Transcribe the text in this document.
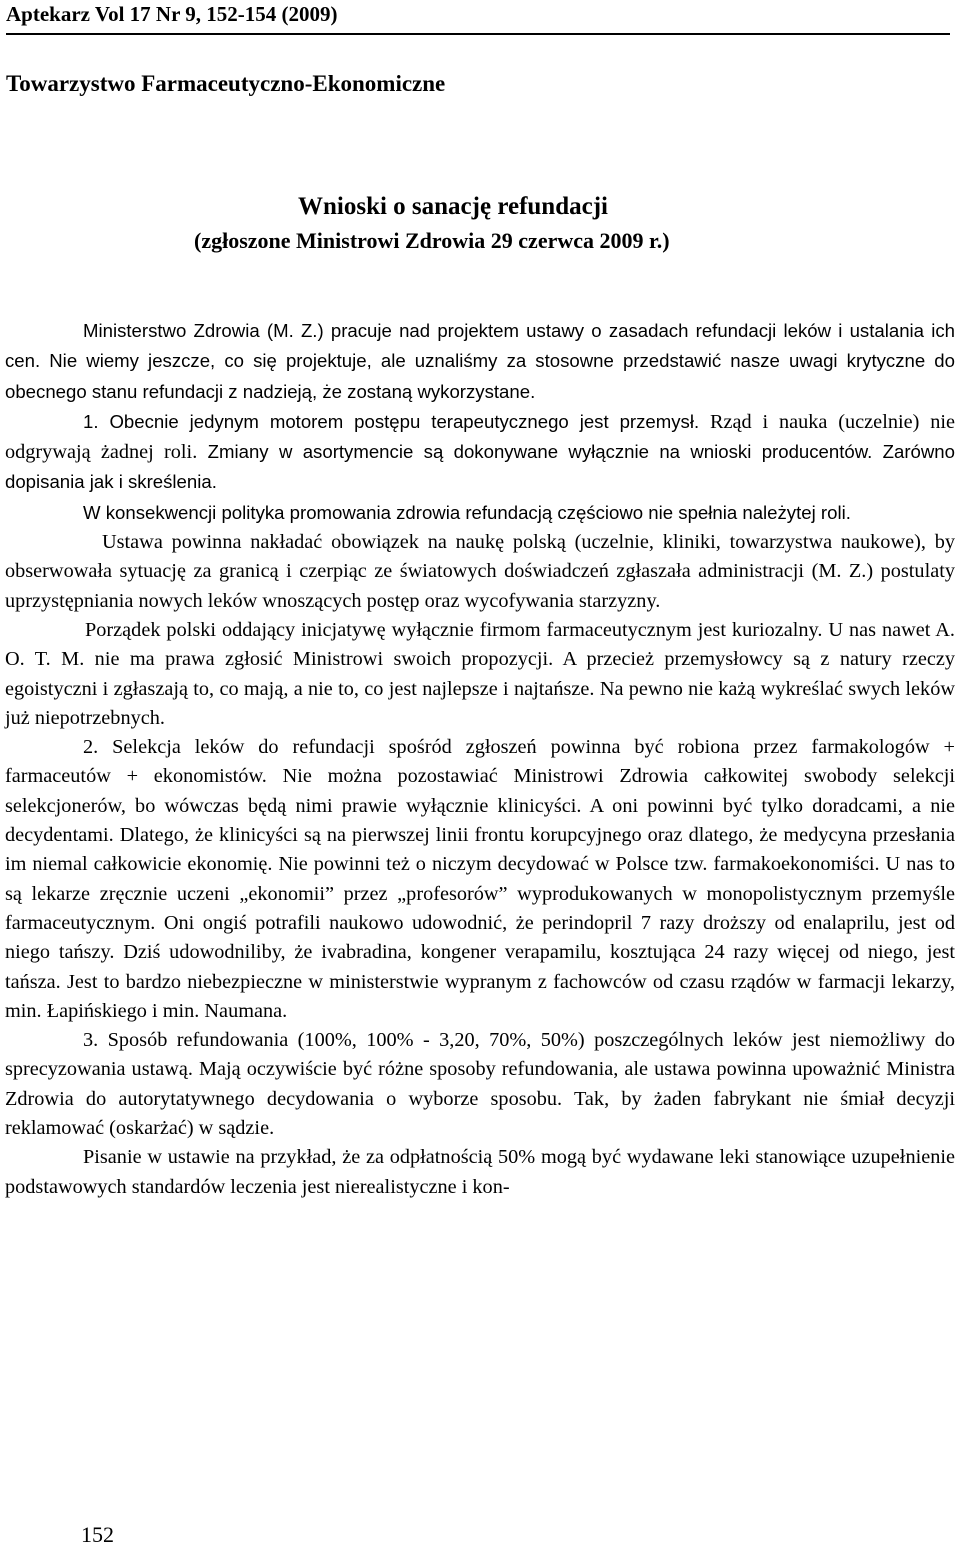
Aptekarz Vol 17 Nr 9, 152-154 (2009)
Towarzystwo Farmaceutyczno-Ekonomiczne
Wnioski o sanację refundacji
(zgłoszone Ministrowi Zdrowia 29 czerwca 2009 r.)

Ministerstwo Zdrowia (M. Z.) pracuje nad projektem ustawy o zasadach refundacji leków i ustalania ich cen. Nie wiemy jeszcze, co się projektuje, ale uznaliśmy za stosowne przedstawić nasze uwagi krytyczne do obecnego stanu refundacji z nadzieją, że zostaną wykorzystane.

1. Obecnie jedynym motorem postępu terapeutycznego jest przemysł. Rząd i nauka (uczelnie) nie odgrywają żadnej roli. Zmiany w asortymencie są dokonywane wyłącznie na wnioski producentów. Zarówno dopisania jak i skreślenia.

W konsekwencji polityka promowania zdrowia refundacją częściowo nie spełnia należytej roli.

Ustawa powinna nakładać obowiązek na naukę polską (uczelnie, kliniki, towarzystwa naukowe), by obserwowała sytuację za granicą i czerpiąc ze światowych doświadczeń zgłaszała administracji (M. Z.) postulaty uprzystępniania nowych leków wnoszących postęp oraz wycofywania starzyzny.

Porządek polski oddający inicjatywę wyłącznie firmom farmaceutycznym jest kuriozalny. U nas nawet A. O. T. M. nie ma prawa zgłosić Ministrowi swoich propozycji. A przecież przemysłowcy są z natury rzeczy egoistyczni i zgłaszają to, co mają, a nie to, co jest najlepsze i najtańsze. Na pewno nie każą wykreślać swych leków już niepotrzebnych.

2. Selekcja leków do refundacji spośród zgłoszeń powinna być robiona przez farmakologów + farmaceutów + ekonomistów. Nie można pozostawiać Ministrowi Zdrowia całkowitej swobody selekcji selekcjonerów, bo wówczas będą nimi prawie wyłącznie klinicyści. A oni powinni być tylko doradcami, a nie decydentami. Dlatego, że klinicyści są na pierwszej linii frontu korupcyjnego oraz dlatego, że medycyna przesłania im niemal całkowicie ekonomię. Nie powinni też o niczym decydować w Polsce tzw. farmakoekonomiści. U nas to są lekarze zręcznie uczeni „ekonomii” przez „profesorów” wyprodukowanych w monopolistycznym przemyśle farmaceutycznym. Oni ongiś potrafili naukowo udowodnić, że perindopril 7 razy droższy od enalaprilu, jest od niego tańszy. Dziś udowodniliby, że ivabradina, kongener verapamilu, kosztująca 24 razy więcej od niego, jest tańsza. Jest to bardzo niebezpieczne w ministerstwie wypranym z fachowców od czasu rządów w farmacji lekarzy, min. Łapińskiego i min. Naumana.

3. Sposób refundowania (100%, 100% - 3,20, 70%, 50%) poszczególnych leków jest niemożliwy do sprecyzowania ustawą. Mają oczywiście być różne sposoby refundowania, ale ustawa powinna upoważnić Ministra Zdrowia do autorytatywnego decydowania o wyborze sposobu. Tak, by żaden fabrykant nie śmiał decyzji reklamować (oskarżać) w sądzie.

Pisanie w ustawie na przykład, że za odpłatnością 50% mogą być wydawane leki stanowiące uzupełnienie podstawowych standardów leczenia jest nierealistyczne i kon-

152
